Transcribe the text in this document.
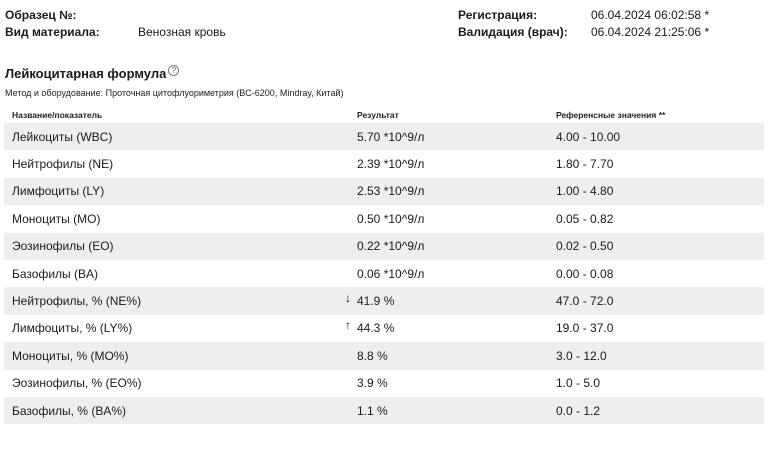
Образец №:
Вид материала:	Венозная кровь
Регистрация:	06.04.2024 06:02:58 *
Валидация (врач): 06.04.2024 21:25:06 *
Лейкоцитарная формула ?
Метод и оборудование: Проточная цитофлуориметрия (BC-6200, Mindray, Китай)
Название/показатель	Результат	Референсные значения **
Лейкоциты (WBC)	5.70 *10^9/л	4.00 - 10.00
Нейтрофилы (NE)	2.39 *10^9/л	1.80 - 7.70
Лимфоциты (LY)	2.53 *10^9/л	1.00 - 4.80
Моноциты (MO)	0.50 *10^9/л	0.05 - 0.82
Эозинофилы (EO)	0.22 *10^9/л	0.02 - 0.50
Базофилы (BA)	0.06 *10^9/л	0.00 - 0.08
Нейтрофилы, % (NE%)	↓ 41.9 %	47.0 - 72.0
Лимфоциты, % (LY%)	↑ 44.3 %	19.0 - 37.0
Моноциты, % (MO%)	8.8 %	3.0 - 12.0
Эозинофилы, % (EO%)	3.9 %	1.0 - 5.0
Базофилы, % (BA%)	1.1 %	0.0 - 1.2
